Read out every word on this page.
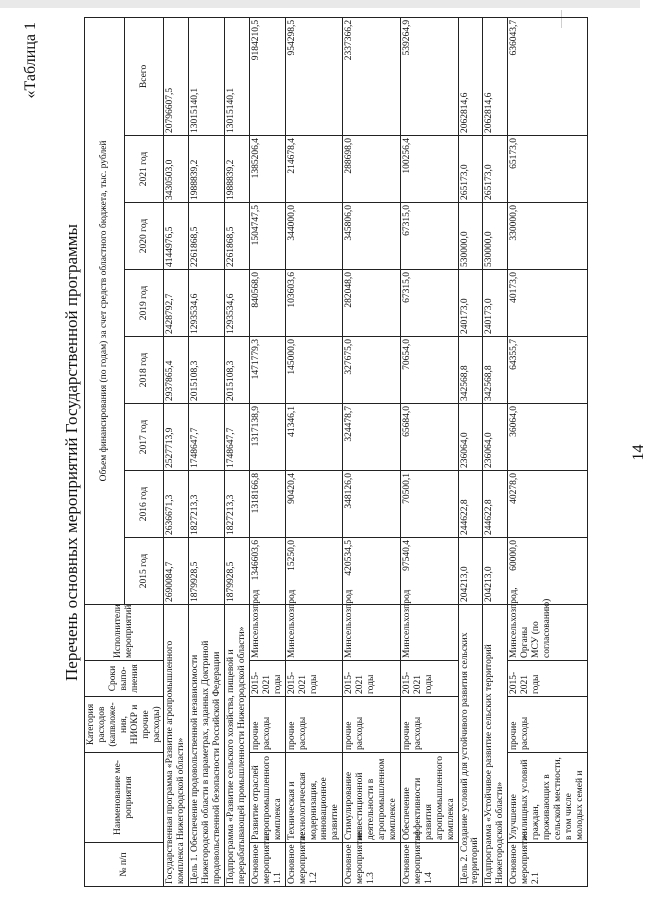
14
«Таблица 1
Перечень основных мероприятий Государственной программы
№ п/п	Наименование ме-роприятия	Категория расходов (капвложе-ния, НИОКР и прочие расходы)	Сроки выпо-лнения	Исполнители мероприятий	Объем финансирования (по годам) за счет средств областного бюджета, тыс. рублей							
					2015 год	2016 год	2017 год	2018 год	2019 год	2020 год	2021 год	Всего
Государственная программа «Развитие агропромышленного комплекса Нижегородской области»					2690084,7	2636671,3	2527713,9	2937865,4	2428792,7	4144976,5	3430503,0	20796607,5
Цель 1. Обеспечение продовольственной независимости Нижегородской области в параметрах, заданных Доктриной продовольственной безопасности Российской Федерации					1879928,5	1827213,3	1748647,7	2015108,3	1293534,6	2261868,5	1988839,2	13015140,1
Подпрограмма «Развитие сельского хозяйства, пищевой и перерабатывающей промышленности Нижегородской области»					1879928,5	1827213,3	1748647,7	2015108,3	1293534,6	2261868,5	1988839,2	13015140,1
Основное мероприятие 1.1	Развитие отраслей агропромышленного комплекса	прочие расходы	2015-2021 годы	Минсельхозпрод	1346603,6	1318166,8	1317138,9	1471779,3	840568,0	1504747,5	1385206,4	9184210,5
Основное мероприятие 1.2	Техническая и технологическая модернизация, инновационное развитие	прочие расходы	2015-2021 годы	Минсельхозпрод	15250,0	90420,4	41346,1	145000,0	103603,6	344000,0	214678,4	954298,5
Основное мероприятие 1.3	Стимулирование инвестиционной деятельности в агропромышленном комплексе	прочие расходы	2015-2021 годы	Минсельхозпрод	420534,5	348126,0	324478,7	327675,0	282048,0	345806,0	288698,0	2337366,2
Основное мероприятие 1.4	Обеспечение эффективности развития агропромышленного комплекса	прочие расходы	2015-2021 годы	Минсельхозпрод	97540,4	70500,1	65684,0	70654,0	67315,0	67315,0	100256,4	539264,9
Цель 2. Создание условий для устойчивого развития сельских территорий					204213,0	244622,8	236064,0	342568,8	240173,0	530000,0	265173,0	2062814,6
Подпрограмма «Устойчивое развитие сельских территорий Нижегородской области»					204213,0	244622,8	236064,0	342568,8	240173,0	530000,0	265173,0	2062814,6
Основное мероприятие 2.1	Улучшение жилищных условий граждан, проживающих в сельской местности, в том числе молодых семей и	прочие расходы	2015-2021 годы	Минсельхозпрод, Органы МСУ (по согласованию)	60000,0	40278,0	36064,0	64355,7	40173,0	330000,0	65173,0	636043,7
